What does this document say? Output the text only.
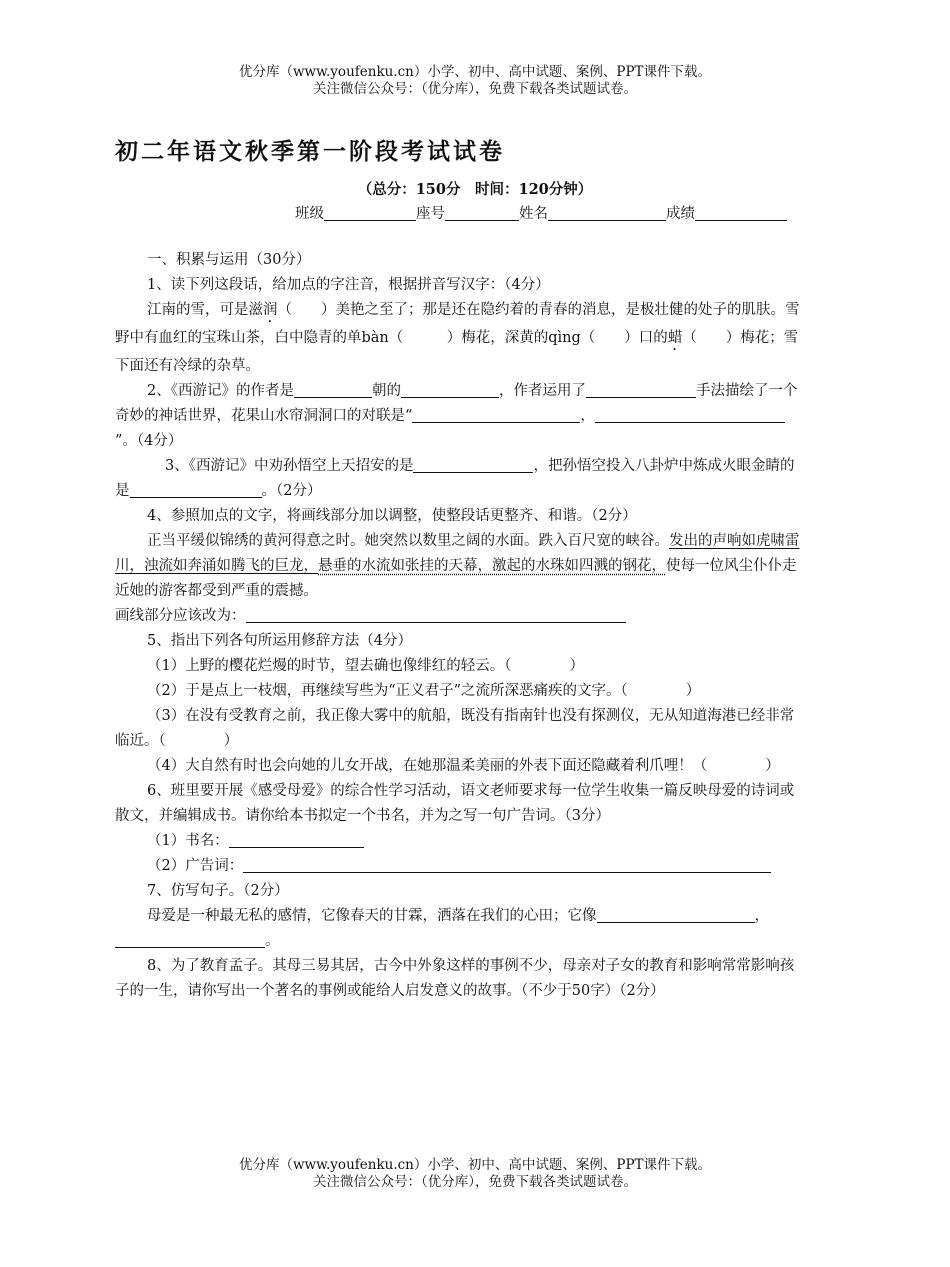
优分库（www.youfenku.cn）小学、初中、高中试题、案例、PPT课件下载。
关注微信公众号：（优分库），免费下载各类试题试卷。
初二年语文秋季第一阶段考试试卷
（总分：150分　时间：120分钟）
班级	座号	姓名	成绩

一、积累与运用（30分）

1、读下列这段话，给加点的字注音，根据拼音写汉字：（4分）

江南的雪，可是滋润（　　）美艳之至了；那是还在隐约着的青春的消息，是极壮健的处子的肌肤。雪野中有血红的宝珠山茶，白中隐青的单bàn（　　　）梅花，深黄的qìng（　　）口的蜡（　　）梅花；雪下面还有冷绿的杂草。

2、《西游记》的作者是	朝的	，作者运用了	手法描绘了一个奇妙的神话世界，花果山水帘洞洞口的对联是“	，”。（4分）

3、《西游记》中劝孙悟空上天招安的是	，把孙悟空投入八卦炉中炼成火眼金睛的是	。（2分）

4、参照加点的文字，将画线部分加以调整，使整段话更整齐、和谐。（2分）

正当平缓似锦绣的黄河得意之时。她突然以数里之阔的水面。跌入百尺宽的峡谷。发出的声响如虎啸雷川，浊流如奔涌如腾飞的巨龙，悬垂的水流如张挂的天幕，激起的水珠如四溅的钢花，使每一位风尘仆仆走近她的游客都受到严重的震撼。

画线部分应该改为：

5、指出下列各句所运用修辞方法（4分）

（1）上野的樱花烂熳的时节，望去确也像绯红的轻云。（　　　　）

（2）于是点上一枝烟，再继续写些为“正义君子”之流所深恶痛疾的文字。（　　　　）

（3）在没有受教育之前，我正像大雾中的航船，既没有指南针也没有探测仪，无从知道海港已经非常临近。（　　　　）

（4）大自然有时也会向她的儿女开战，在她那温柔美丽的外表下面还隐藏着利爪哩！（　　　　）

6、班里要开展《感受母爱》的综合性学习活动，语文老师要求每一位学生收集一篇反映母爱的诗词或散文，并编辑成书。请你给本书拟定一个书名，并为之写一句广告词。（3分）

（1）书名：

（2）广告词：

7、仿写句子。（2分）

母爱是一种最无私的感情，它像春天的甘霖，洒落在我们的心田；它像	，。

8、为了教育孟子。其母三易其居，古今中外象这样的事例不少，母亲对子女的教育和影响常常影响孩子的一生，请你写出一个著名的事例或能给人启发意义的故事。（不少于50字）（2分）

优分库（www.youfenku.cn）小学、初中、高中试题、案例、PPT课件下载。
关注微信公众号：（优分库），免费下载各类试题试卷。
